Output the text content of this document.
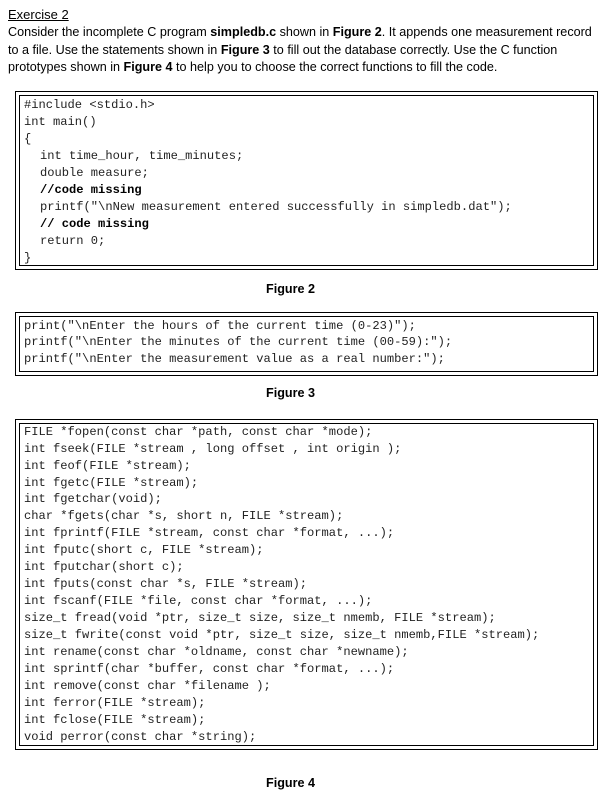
Exercise 2
Consider the incomplete C program simpledb.c shown in Figure 2. It appends one measurement record to a file. Use the statements shown in Figure 3 to fill out the database correctly. Use the C function prototypes shown in Figure 4 to help you to choose the correct functions to fill the code.
#include <stdio.h>
int main()
{
int time_hour, time_minutes;
double measure;
//code missing
printf("\nNew measurement entered successfully in simpledb.dat");
// code missing
return 0;
}
Figure 2
print("\nEnter the hours of the current time (0-23)");
printf("\nEnter the minutes of the current time (00-59):");
printf("\nEnter the measurement value as a real number:");
Figure 3
FILE *fopen(const char *path, const char *mode);
int fseek(FILE *stream , long offset , int origin );
int feof(FILE *stream);
int fgetc(FILE *stream);
int fgetchar(void);
char *fgets(char *s, short n, FILE *stream);
int fprintf(FILE *stream, const char *format, ...);
int fputc(short c, FILE *stream);
int fputchar(short c);
int fputs(const char *s, FILE *stream);
int fscanf(FILE *file, const char *format, ...);
size_t fread(void *ptr, size_t size, size_t nmemb, FILE *stream);
size_t fwrite(const void *ptr, size_t size, size_t nmemb,FILE *stream);
int rename(const char *oldname, const char *newname);
int sprintf(char *buffer, const char *format, ...);
int remove(const char *filename );
int ferror(FILE *stream);
int fclose(FILE *stream);
void perror(const char *string);
Figure 4
